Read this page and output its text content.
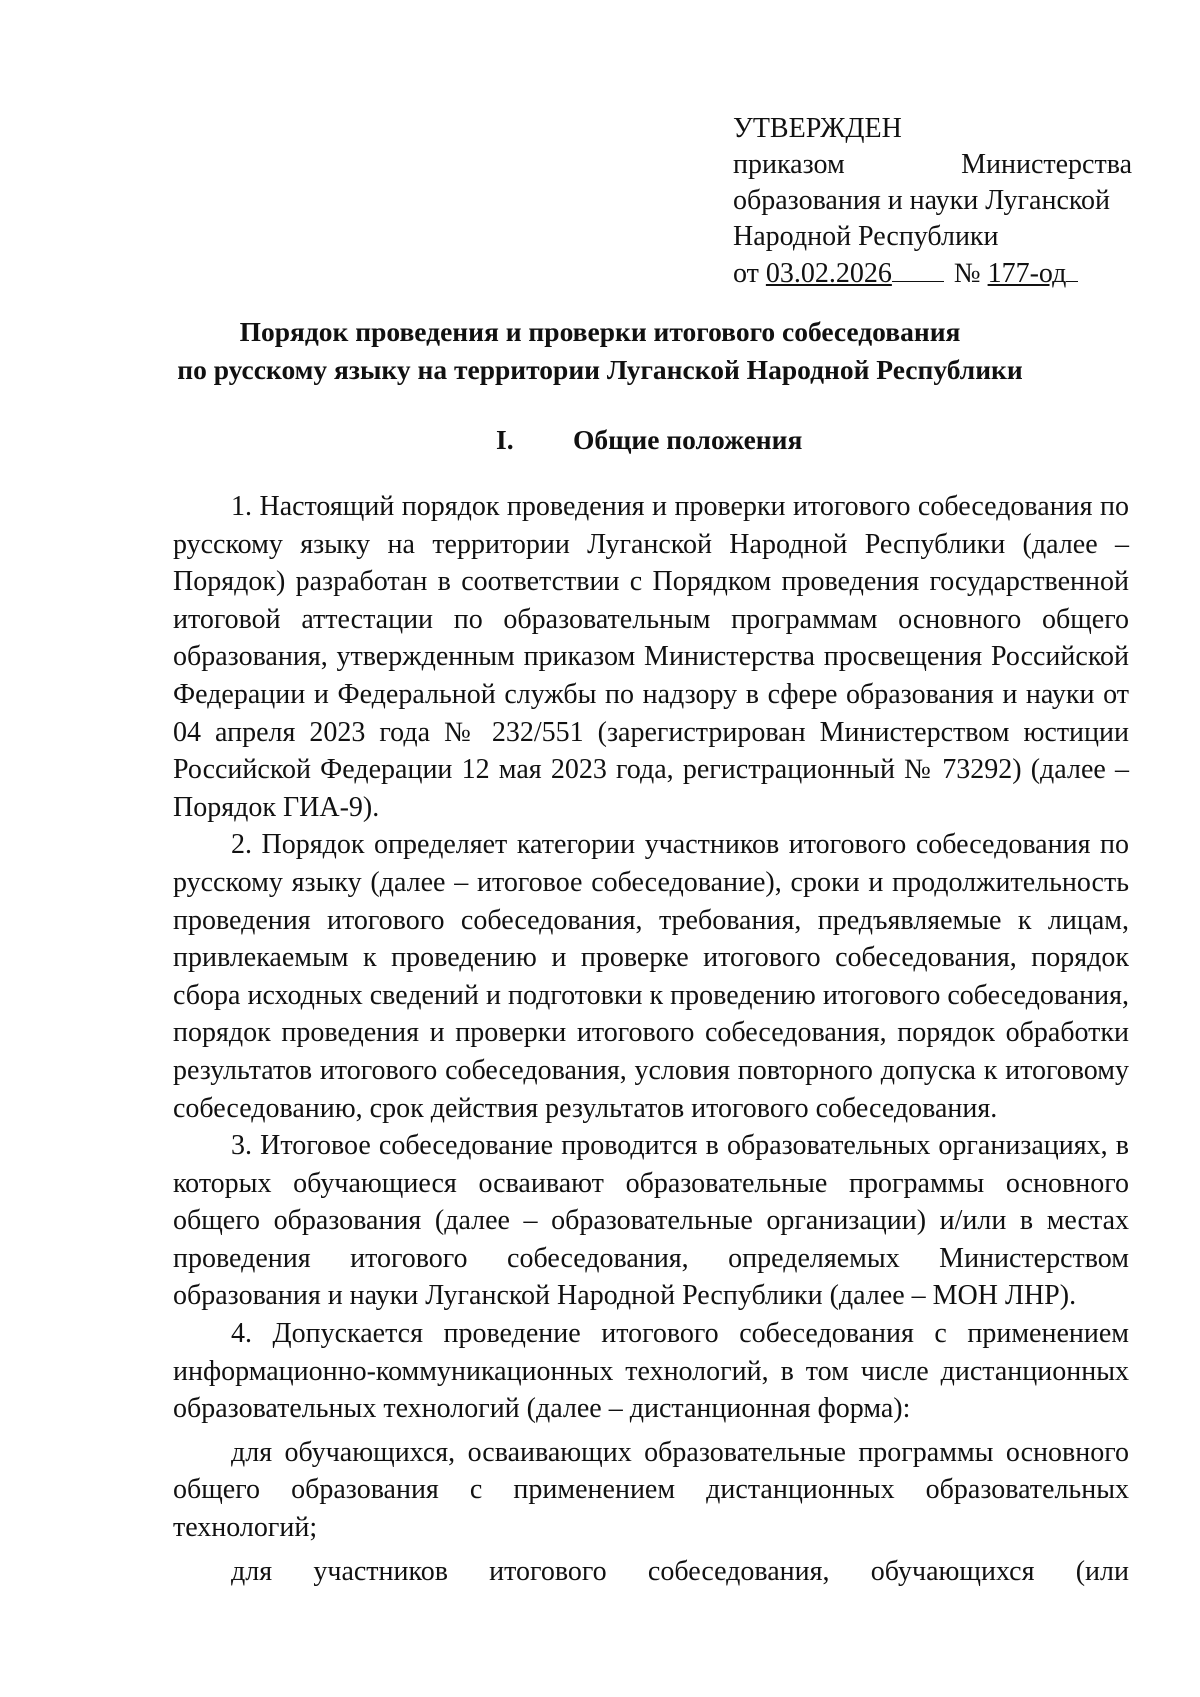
УТВЕРЖДЕН
приказом	Министерства
образования и науки Луганской
Народной Республики
от 03.02.2026 № 177-од
Порядок проведения и проверки итогового собеседования
по русскому языку на территории Луганской Народной Республики
I. Общие положения

1. Настоящий порядок проведения и проверки итогового собеседования по русскому языку на территории Луганской Народной Республики (далее – Порядок) разработан в соответствии с Порядком проведения государственной итоговой аттестации по образовательным программам основного общего образования, утвержденным приказом Министерства просвещения Российской Федерации и Федеральной службы по надзору в сфере образования и науки от 04 апреля 2023 года № 232/551 (зарегистрирован Министерством юстиции Российской Федерации 12 мая 2023 года, регистрационный № 73292) (далее – Порядок ГИА-9).

2. Порядок определяет категории участников итогового собеседования по русскому языку (далее – итоговое собеседование), сроки и продолжительность проведения итогового собеседования, требования, предъявляемые к лицам, привлекаемым к проведению и проверке итогового собеседования, порядок сбора исходных сведений и подготовки к проведению итогового собеседования, порядок проведения и проверки итогового собеседования, порядок обработки результатов итогового собеседования, условия повторного допуска к итоговому собеседованию, срок действия результатов итогового собеседования.

3. Итоговое собеседование проводится в образовательных организациях, в которых обучающиеся осваивают образовательные программы основного общего образования (далее – образовательные организации) и/или в местах проведения итогового собеседования, определяемых Министерством образования и науки Луганской Народной Республики (далее – МОН ЛНР).

4. Допускается проведение итогового собеседования с применением информационно-коммуникационных технологий, в том числе дистанционных образовательных технологий (далее – дистанционная форма):

для обучающихся, осваивающих образовательные программы основного общего образования с применением дистанционных образовательных технологий;

для участников итогового собеседования, обучающихся (или
